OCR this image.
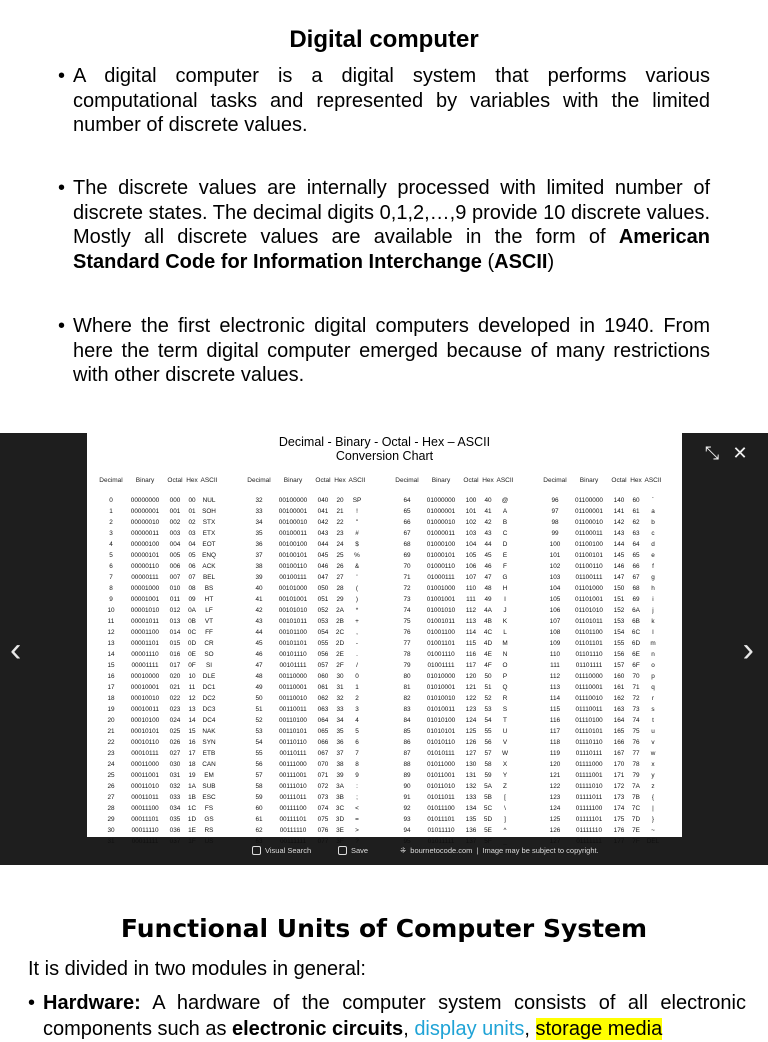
Digital computer
• A digital computer is a digital system that performs various computational tasks and represented by variables with the limited number of discrete values.
• The discrete values are internally processed with limited number of discrete states. The decimal digits 0,1,2,…,9 provide 10 discrete values. Mostly all discrete values are available in the form of American Standard Code for Information Interchange (ASCII)
• Where the first electronic digital computers developed in 1940. From here the term digital computer emerged because of many restrictions with other discrete values.
‹	›
⤡ ✕
Decimal - Binary - Octal - Hex – ASCII
Conversion Chart
Decimal Binary Octal Hex ASCII	Decimal Binary Octal Hex ASCII	Decimal Binary Octal Hex ASCII	Decimal Binary Octal Hex ASCII
0	00000000 000 00 NUL
1	00000001 001 01 SOH
2	00000010 002 02 STX
3	00000011 003 03 ETX
4	00000100 004 04 EOT
5	00000101 005 05 ENQ
6	00000110 006 06 ACK
7	00000111 007 07 BEL
8	00001000 010 08 BS
9	00001001 011 09 HT
10	00001010 012 0A LF
11	00001011 013 0B VT
12	00001100 014 0C FF
13	00001101 015 0D CR
14	00001110 016 0E SO
15	00001111 017 0F SI
16	00010000 020 10 DLE
17	00010001 021 11 DC1
18	00010010 022 12 DC2
19	00010011 023 13 DC3
20	00010100 024 14 DC4
21	00010101 025 15 NAK
22	00010110 026 16 SYN
23	00010111 027 17 ETB
24	00011000 030 18 CAN
25	00011001 031 19 EM
26	00011010 032 1A SUB
27	00011011 033 1B ESC
28	00011100 034 1C FS
29	00011101 035 1D GS
30	00011110 036 1E RS
31	00011111 037 1F US
32	00100000 040 20 SP
33	00100001 041 21 !
34	00100010 042 22 "
35	00100011 043 23 #
36	00100100 044 24 $
37	00100101 045 25 %
38	00100110 046 26 &
39	00100111 047 27 '
40	00101000 050 28 (
41	00101001 051 29 )
42	00101010 052 2A *
43	00101011 053 2B +
44	00101100 054 2C ,
45	00101101 055 2D -
46	00101110 056 2E .
47	00101111 057 2F /
48	00110000 060 30 0
49	00110001 061 31 1
50	00110010 062 32 2
51	00110011 063 33 3
52	00110100 064 34 4
53	00110101 065 35 5
54	00110110 066 36 6
55	00110111 067 37 7
56	00111000 070 38 8
57	00111001 071 39 9
58	00111010 072 3A :
59	00111011 073 3B ;
60	00111100 074 3C <
61	00111101 075 3D =
62	00111110 076 3E >
63	00111111 077 3F ?
64	01000000 100 40 @
65	01000001 101 41 A
66	01000010 102 42 B
67	01000011 103 43 C
68	01000100 104 44 D
69	01000101 105 45 E
70	01000110 106 46 F
71	01000111 107 47 G
72	01001000 110 48 H
73	01001001 111 49 I
74	01001010 112 4A J
75	01001011 113 4B K
76	01001100 114 4C L
77	01001101 115 4D M
78	01001110 116 4E N
79	01001111 117 4F O
80	01010000 120 50 P
81	01010001 121 51 Q
82	01010010 122 52 R
83	01010011 123 53 S
84	01010100 124 54 T
85	01010101 125 55 U
86	01010110 126 56 V
87	01010111 127 57 W
88	01011000 130 58 X
89	01011001 131 59 Y
90	01011010 132 5A Z
91	01011011 133 5B [
92	01011100 134 5C \
93	01011101 135 5D ]
94	01011110 136 5E ^
95	01011111 137 5F _
96	01100000 140 60 `
97	01100001 141 61 a
98	01100010 142 62 b
99	01100011 143 63 c
100 01100100 144 64 d
101 01100101 145 65 e
102 01100110 146 66 f
103 01100111 147 67 g
104 01101000 150 68 h
105 01101001 151 69 i
106 01101010 152 6A j
107 01101011 153 6B k
108 01101100 154 6C l
109 01101101 155 6D m
110 01101110 156 6E n
111 01101111 157 6F o
112 01110000 160 70 p
113 01110001 161 71 q
114 01110010 162 72 r
115 01110011 163 73 s
116 01110100 164 74 t
117 01110101 165 75 u
118 01110110 166 76 v
119 01110111 167 77 w
120 01111000 170 78 x
121 01111001 171 79 y
122 01111010 172 7A z
123 01111011 173 7B {
124 01111100 174 7C |
125 01111101 175 7D }
126 01111110 176 7E ~
127 01111111 177 7F DEL
Visual Search	Save	⁜ bournetocode.com | Image may be subject to copyright.
Functional Units of Computer System
It is divided in two modules in general:
• Hardware: A hardware of the computer system consists of all electronic components such as electronic circuits, display units, storage media
